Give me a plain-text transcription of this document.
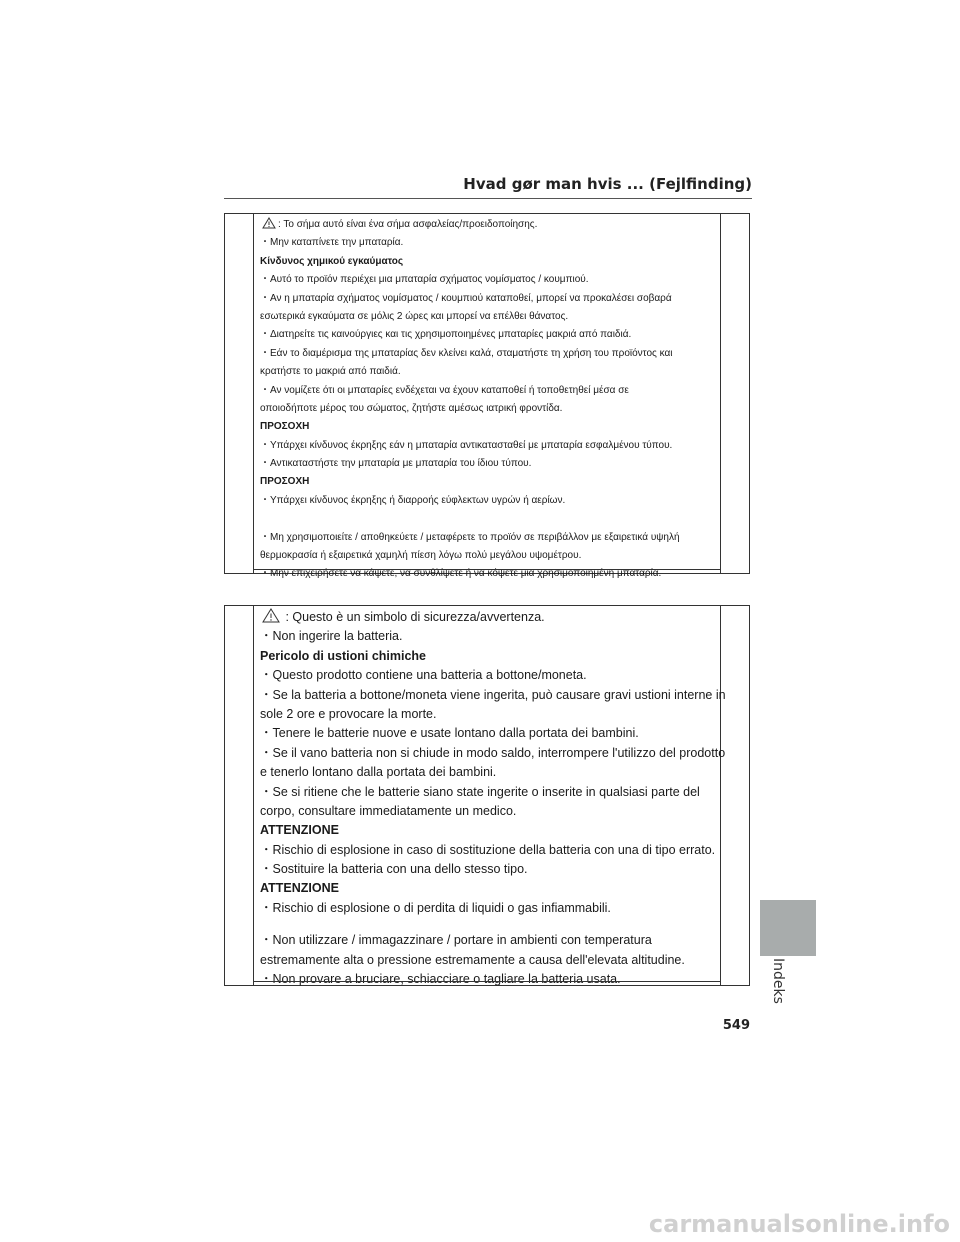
Hvad gør man hvis ... (Fejlfinding)
: Το σήμα αυτό είναι ένα σήμα ασφαλείας/προειδοποίησης.
・Μην καταπίνετε την μπαταρία.
Κίνδυνος χημικού εγκαύματος
・Αυτό το προϊόν περιέχει μια μπαταρία σχήματος νομίσματος / κουμπιού.
・Αν η μπαταρία σχήματος νομίσματος / κουμπιού καταποθεί, μπορεί να προκαλέσει σοβαρά
εσωτερικά εγκαύματα σε μόλις 2 ώρες και μπορεί να επέλθει θάνατος.
・Διατηρείτε τις καινούργιες και τις χρησιμοποιημένες μπαταρίες μακριά από παιδιά.
・Εάν το διαμέρισμα της μπαταρίας δεν κλείνει καλά, σταματήστε τη χρήση του προϊόντος και
κρατήστε το μακριά από παιδιά.
・Αν νομίζετε ότι οι μπαταρίες ενδέχεται να έχουν καταποθεί ή τοποθετηθεί μέσα σε
οποιοδήποτε μέρος του σώματος, ζητήστε αμέσως ιατρική φροντίδα.
ΠΡΟΣΟΧΗ
・Υπάρχει κίνδυνος έκρηξης εάν η μπαταρία αντικατασταθεί με μπαταρία εσφαλμένου τύπου.
・Αντικαταστήστε την μπαταρία με μπαταρία του ίδιου τύπου.
ΠΡΟΣΟΧΗ
・Υπάρχει κίνδυνος έκρηξης ή διαρροής εύφλεκτων υγρών ή αερίων.
・Μη χρησιμοποιείτε / αποθηκεύετε / μεταφέρετε το προϊόν σε περιβάλλον με εξαιρετικά υψηλή
θερμοκρασία ή εξαιρετικά χαμηλή πίεση λόγω πολύ μεγάλου υψομέτρου.
・Μην επιχειρήσετε να κάψετε, να συνθλίψετε ή να κόψετε μια χρησιμοποιημένη μπαταρία.
: Questo è un simbolo di sicurezza/avvertenza.
・Non ingerire la batteria.
Pericolo di ustioni chimiche
・Questo prodotto contiene una batteria a bottone/moneta.
・Se la batteria a bottone/moneta viene ingerita, può causare gravi ustioni interne in
sole 2 ore e provocare la morte.
・Tenere le batterie nuove e usate lontano dalla portata dei bambini.
・Se il vano batteria non si chiude in modo saldo, interrompere l'utilizzo del prodotto
e tenerlo lontano dalla portata dei bambini.
・Se si ritiene che le batterie siano state ingerite o inserite in qualsiasi parte del
corpo, consultare immediatamente un medico.
ATTENZIONE
・Rischio di esplosione in caso di sostituzione della batteria con una di tipo errato.
・Sostituire la batteria con una dello stesso tipo.
ATTENZIONE
・Rischio di esplosione o di perdita di liquidi o gas infiammabili.
・Non utilizzare / immagazzinare / portare in ambienti con temperatura
estremamente alta o pressione estremamente a causa dell'elevata altitudine.
・Non provare a bruciare, schiacciare o tagliare la batteria usata.	Indeks
549
carmanualsonline.info
